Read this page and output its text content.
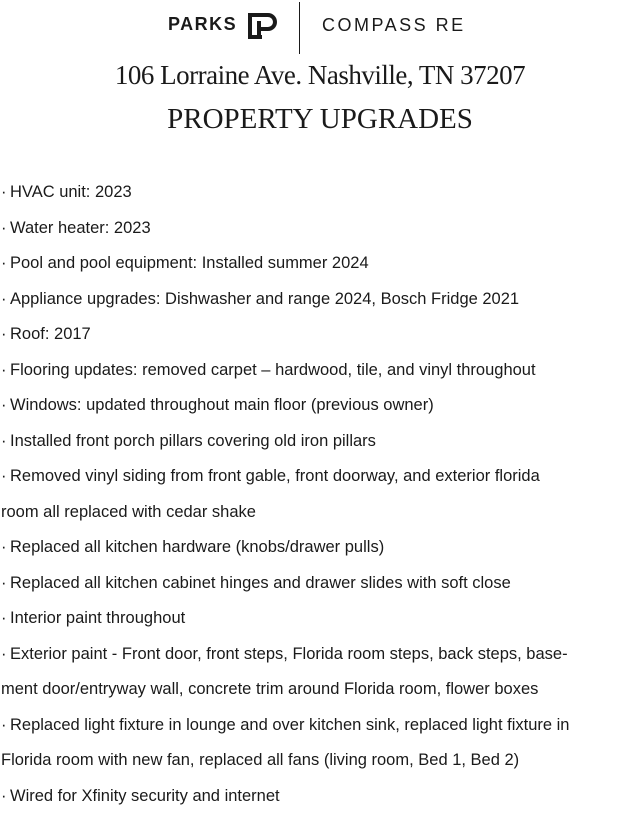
PARKS	COMPASS RE
106 Lorraine Ave. Nashville, TN 37207
PROPERTY UPGRADES
· HVAC unit: 2023
· Water heater: 2023
· Pool and pool equipment: Installed summer 2024
· Appliance upgrades: Dishwasher and range 2024, Bosch Fridge 2021
· Roof: 2017
· Flooring updates: removed carpet – hardwood, tile, and vinyl throughout
· Windows: updated throughout main floor (previous owner)
· Installed front porch pillars covering old iron pillars
· Removed vinyl siding from front gable, front doorway, and exterior florida
room all replaced with cedar shake
· Replaced all kitchen hardware (knobs/drawer pulls)
· Replaced all kitchen cabinet hinges and drawer slides with soft close
· Interior paint throughout
· Exterior paint - Front door, front steps, Florida room steps, back steps, base-
ment door/entryway wall, concrete trim around Florida room, flower boxes
· Replaced light fixture in lounge and over kitchen sink, replaced light fixture in
Florida room with new fan, replaced all fans (living room, Bed 1, Bed 2)
· Wired for Xfinity security and internet
